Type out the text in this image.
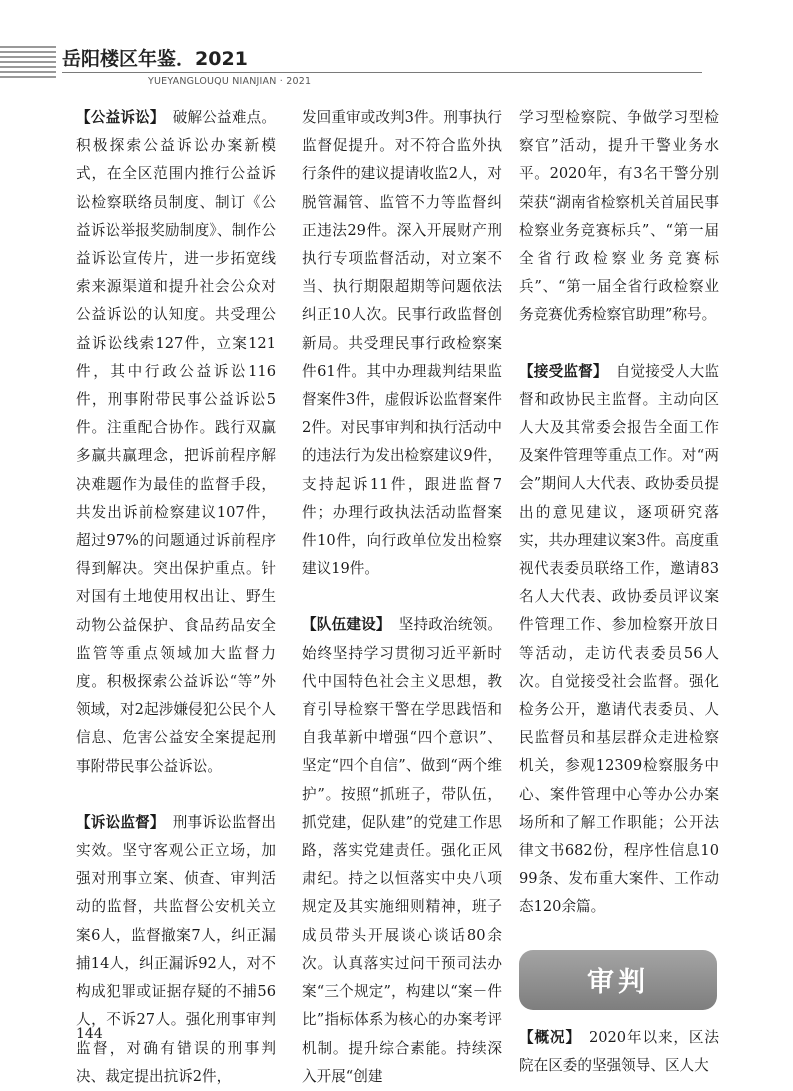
岳阳楼区年鉴．2021
YUEYANGLOUQU NIANJIAN · 2021

【公益诉讼】 破解公益难点。积极探索公益诉讼办案新模式，在全区范围内推行公益诉讼检察联络员制度、制订《公益诉讼举报奖励制度》、制作公益诉讼宣传片，进一步拓宽线索来源渠道和提升社会公众对公益诉讼的认知度。共受理公益诉讼线索127件，立案121件，其中行政公益诉讼116件，刑事附带民事公益诉讼5件。注重配合协作。践行双赢多赢共赢理念，把诉前程序解决难题作为最佳的监督手段，共发出诉前检察建议107件，超过97%的问题通过诉前程序得到解决。突出保护重点。针对国有土地使用权出让、野生动物公益保护、食品药品安全监管等重点领域加大监督力度。积极探索公益诉讼“等”外领域，对2起涉嫌侵犯公民个人信息、危害公益安全案提起刑事附带民事公益诉讼。

【诉讼监督】 刑事诉讼监督出实效。坚守客观公正立场，加强对刑事立案、侦查、审判活动的监督，共监督公安机关立案6人，监督撤案7人，纠正漏捕14人，纠正漏诉92人，对不构成犯罪或证据存疑的不捕56人，不诉27人。强化刑事审判监督，对确有错误的刑事判决、裁定提出抗诉2件，

发回重审或改判3件。刑事执行监督促提升。对不符合监外执行条件的建议提请收监2人，对脱管漏管、监管不力等监督纠正违法29件。深入开展财产刑执行专项监督活动，对立案不当、执行期限超期等问题依法纠正10人次。民事行政监督创新局。共受理民事行政检察案件61件。其中办理裁判结果监督案件3件，虚假诉讼监督案件2件。对民事审判和执行活动中的违法行为发出检察建议9件，支持起诉11件，跟进监督7件；办理行政执法活动监督案件10件，向行政单位发出检察建议19件。

【队伍建设】 坚持政治统领。始终坚持学习贯彻习近平新时代中国特色社会主义思想，教育引导检察干警在学思践悟和自我革新中增强“四个意识”、坚定“四个自信”、做到“两个维护”。按照“抓班子，带队伍，抓党建，促队建”的党建工作思路，落实党建责任。强化正风肃纪。持之以恒落实中央八项规定及其实施细则精神，班子成员带头开展谈心谈话80余次。认真落实过问干预司法办案“三个规定”，构建以“案－件比”指标体系为核心的办案考评机制。提升综合素能。持续深入开展“创建

学习型检察院、争做学习型检察官”活动，提升干警业务水平。2020年，有3名干警分别荣获“湖南省检察机关首届民事检察业务竞赛标兵”、“第一届全省行政检察业务竞赛标兵”、“第一届全省行政检察业务竞赛优秀检察官助理”称号。

【接受监督】 自觉接受人大监督和政协民主监督。主动向区人大及其常委会报告全面工作及案件管理等重点工作。对“两会”期间人大代表、政协委员提出的意见建议，逐项研究落实，共办理建议案3件。高度重视代表委员联络工作，邀请83名人大代表、政协委员评议案件管理工作、参加检察开放日等活动，走访代表委员56人次。自觉接受社会监督。强化检务公开，邀请代表委员、人民监督员和基层群众走进检察机关，参观12309检察服务中心、案件管理中心等办公办案场所和了解工作职能；公开法律文书682份，程序性信息1099条、发布重大案件、工作动态120余篇。

审判

【概况】 2020年以来，区法院在区委的坚强领导、区人大

144
